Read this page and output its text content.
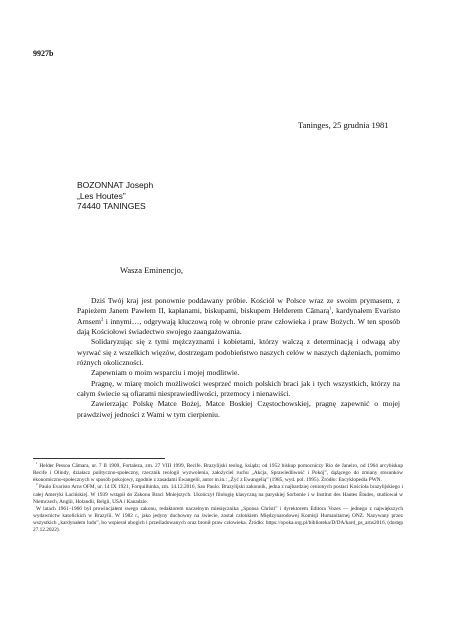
9927b
Taninges, 25 grudnia 1981
BOZONNAT Joseph
„Les Houtes”
74440 TANINGES
Wasza Eminencjo,

Dziś Twój kraj jest ponownie poddawany próbie. Kościół w Polsce wraz ze swoim prymasem, z Papieżem Janem Pawłem II, kapłanami, biskupami, biskupem Helderem Câmarą$^1$, kardynałem Evaristo Arnsem$^2$ i innymi…, odgrywają kluczową rolę w obronie praw człowieka i praw Bożych. W ten sposób dają Kościołowi świadectwo swojego zaangażowania.

Solidaryzując się z tymi mężczyznami i kobietami, którzy walczą z determinacją i odwagą aby wyrwać się z wszelkich więzów, dostrzegam podobieństwo naszych celów w naszych dążeniach, pomimo różnych okoliczności.

Zapewniam o moim wsparciu i mojej modlitwie.

Pragnę, w miarę moich możliwości wesprzeć moich polskich braci jak i tych wszystkich, którzy na całym świecie są ofiarami niesprawiedliwości, przemocy i nienawiści.

Zawierzając Polskę Matce Bożej, Matce Boskiej Częstochowskiej, pragnę zapewnić o mojej prawdziwej jedności z Wami w tym cierpieniu.

$^1$ Helder Pessoa Câmara, ur. 7 II 1909, Fortaleza, zm. 27 VIII 1999, Recife. Brazylijski teolog, ksiądz; od 1952 biskup pomocniczy Rio de Janeiro, od 1964 arcybiskup Recife i Olindy, działacz polityczno-społeczny, rzecznik teologii wyzwolenia, założyciel ruchu „Akcja, Sprawiedliwość i Pokój”, dążącego do zmiany stosunków ekonomiczno-społecznych w sposób pokojowy, zgodnie z zasadami Ewangelii, autor m.in.: „Żyć z Ewangelią” (1985, wyd. pol. 1995). Źródło: Encyklopedia PWN.

$^2$ Paulo Evaristo Arns OFM, ur. 14 IX 1921, Forquilhinha, zm. 14.12.2016, Sao Paulo. Brazylijski zakonnik, jedna z najbardziej cenionych postaci Kościoła brazylijskiego i całej Ameryki Łacińskiej. W 1939 wstąpił do Zakonu Braci Mniejszych. Ukończył filologię klasyczną na paryskiej Sorbonie i w Institut des Hautes Études, studiował w Niemczech, Anglii, Holandii, Belgii, USA i Kanadzie.

W latach 1961–1966 był prowincjałem swego zakonu, redaktorem naczelnym miesięcznika „Sponsa Christi” i dyrektorem Editora Vozes — jednego z największych wydawnictw katolickich w Brazylii. W 1982 r., jako jedyny duchowny na świecie, został członkiem Międzynarodowej Komisji Humanitarnej ONZ. Nazywany przez wszystkich „kardynałem ludu”, bo wspierał ubogich i prześladowanych oraz bronił praw człowieka. Źródło: https://opoka.org.pl/biblioteka/D/DA/kard_ps_arns2016, (dostęp 27.12.2022).
